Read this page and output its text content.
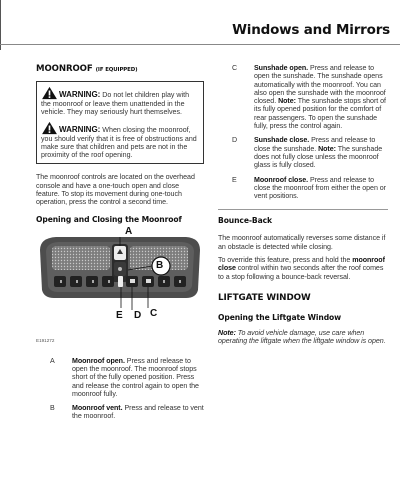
Windows and Mirrors
MOONROOF (IF EQUIPPED)

WARNING: Do not let children play with the moonroof or leave them unattended in the vehicle. They may seriously hurt themselves.

WARNING: When closing the moonroof, you should verify that it is free of obstructions and make sure that children and pets are not in the proximity of the roof opening.

The moonroof controls are located on the overhead console and have a one-touch open and close feature. To stop its movement during one-touch operation, press the control a second time.

Opening and Closing the Moonroof
A
B
E D C
E191272
A Moonroof open. Press and release to open the moonroof. The moonroof stops short of the fully opened position. Press and release the control again to open the moonroof fully.
B Moonroof vent. Press and release to vent the moonroof.
C Sunshade open. Press and release to open the sunshade. The sunshade opens automatically with the moonroof. You can also open the sunshade with the moonroof closed. Note: The sunshade stops short of its fully opened position for the comfort of rear passengers. To open the sunshade fully, press the control again.
D Sunshade close. Press and release to close the sunshade. Note: The sunshade does not fully close unless the moonroof glass is fully closed.
E Moonroof close. Press and release to close the moonroof from either the open or vent positions.
Bounce-Back

The moonroof automatically reverses some distance if an obstacle is detected while closing.

To override this feature, press and hold the moonroof close control within two seconds after the roof comes to a stop following a bounce-back reversal.

LIFTGATE WINDOW
Opening the Liftgate Window

Note: To avoid vehicle damage, use care when operating the liftgate when the liftgate window is open.
